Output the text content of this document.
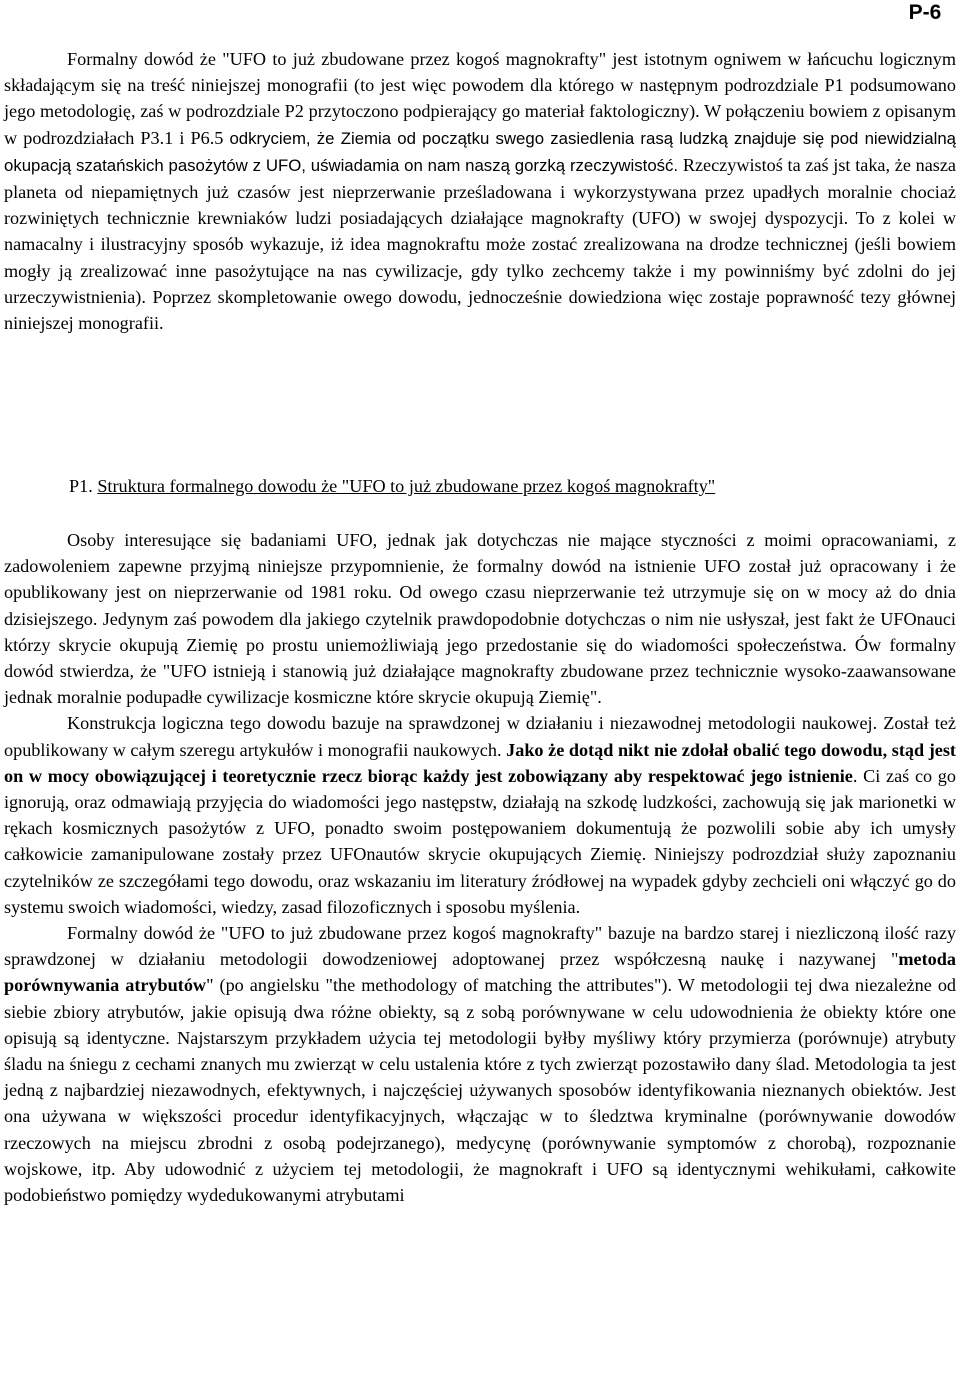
P-6

Formalny dowód że "UFO to już zbudowane przez kogoś magnokrafty" jest istotnym ogniwem w łańcuchu logicznym składającym się na treść niniejszej monografii (to jest więc powodem dla którego w następnym podrozdziale P1 podsumowano jego metodologię, zaś w podrozdziale P2 przytoczono podpierający go materiał faktologiczny). W połączeniu bowiem z opisanym w podrozdziałach P3.1 i P6.5 odkryciem, że Ziemia od początku swego zasiedlenia rasą ludzką znajduje się pod niewidzialną okupacją szatańskich pasożytów z UFO, uświadamia on nam naszą gorzką rzeczywistość. Rzeczywistoś ta zaś jst taka, że nasza planeta od niepamiętnych już czasów jest nieprzerwanie prześladowana i wykorzystywana przez upadłych moralnie chociaż rozwiniętych technicznie krewniaków ludzi posiadających działające magnokrafty (UFO) w swojej dyspozycji. To z kolei w namacalny i ilustracyjny sposób wykazuje, iż idea magnokraftu może zostać zrealizowana na drodze technicznej (jeśli bowiem mogły ją zrealizować inne pasożytujące na nas cywilizacje, gdy tylko zechcemy także i my powinniśmy być zdolni do jej urzeczywistnienia). Poprzez skompletowanie owego dowodu, jednocześnie dowiedziona więc zostaje poprawność tezy głównej niniejszej monografii.

P1. Struktura formalnego dowodu że "UFO to już zbudowane przez kogoś magnokrafty"

Osoby interesujące się badaniami UFO, jednak jak dotychczas nie mające styczności z moimi opracowaniami, z zadowoleniem zapewne przyjmą niniejsze przypomnienie, że formalny dowód na istnienie UFO został już opracowany i że opublikowany jest on nieprzerwanie od 1981 roku. Od owego czasu nieprzerwanie też utrzymuje się on w mocy aż do dnia dzisiejszego. Jedynym zaś powodem dla jakiego czytelnik prawdopodobnie dotychczas o nim nie usłyszał, jest fakt że UFOnauci którzy skrycie okupują Ziemię po prostu uniemożliwiają jego przedostanie się do wiadomości społeczeństwa. Ów formalny dowód stwierdza, że "UFO istnieją i stanowią już działające magnokrafty zbudowane przez technicznie wysoko-zaawansowane jednak moralnie podupadłe cywilizacje kosmiczne które skrycie okupują Ziemię".

Konstrukcja logiczna tego dowodu bazuje na sprawdzonej w działaniu i niezawodnej metodologii naukowej. Został też opublikowany w całym szeregu artykułów i monografii naukowych. Jako że dotąd nikt nie zdołał obalić tego dowodu, stąd jest on w mocy obowiązującej i teoretycznie rzecz biorąc każdy jest zobowiązany aby respektować jego istnienie. Ci zaś co go ignorują, oraz odmawiają przyjęcia do wiadomości jego następstw, działają na szkodę ludzkości, zachowują się jak marionetki w rękach kosmicznych pasożytów z UFO, ponadto swoim postępowaniem dokumentują że pozwolili sobie aby ich umysły całkowicie zamanipulowane zostały przez UFOnautów skrycie okupujących Ziemię. Niniejszy podrozdział służy zapoznaniu czytelników ze szczegółami tego dowodu, oraz wskazaniu im literatury źródłowej na wypadek gdyby zechcieli oni włączyć go do systemu swoich wiadomości, wiedzy, zasad filozoficznych i sposobu myślenia.

Formalny dowód że "UFO to już zbudowane przez kogoś magnokrafty" bazuje na bardzo starej i niezliczoną ilość razy sprawdzonej w działaniu metodologii dowodzeniowej adoptowanej przez współczesną naukę i nazywanej "metoda porównywania atrybutów" (po angielsku "the methodology of matching the attributes"). W metodologii tej dwa niezależne od siebie zbiory atrybutów, jakie opisują dwa różne obiekty, są z sobą porównywane w celu udowodnienia że obiekty które one opisują są identyczne. Najstarszym przykładem użycia tej metodologii byłby myśliwy który przymierza (porównuje) atrybuty śladu na śniegu z cechami znanych mu zwierząt w celu ustalenia które z tych zwierząt pozostawiło dany ślad. Metodologia ta jest jedną z najbardziej niezawodnych, efektywnych, i najczęściej używanych sposobów identyfikowania nieznanych obiektów. Jest ona używana w większości procedur identyfikacyjnych, włączając w to śledztwa kryminalne (porównywanie dowodów rzeczowych na miejscu zbrodni z osobą podejrzanego), medycynę (porównywanie symptomów z chorobą), rozpoznanie wojskowe, itp. Aby udowodnić z użyciem tej metodologii, że magnokraft i UFO są identycznymi wehikułami, całkowite podobieństwo pomiędzy wydedukowanymi atrybutami
